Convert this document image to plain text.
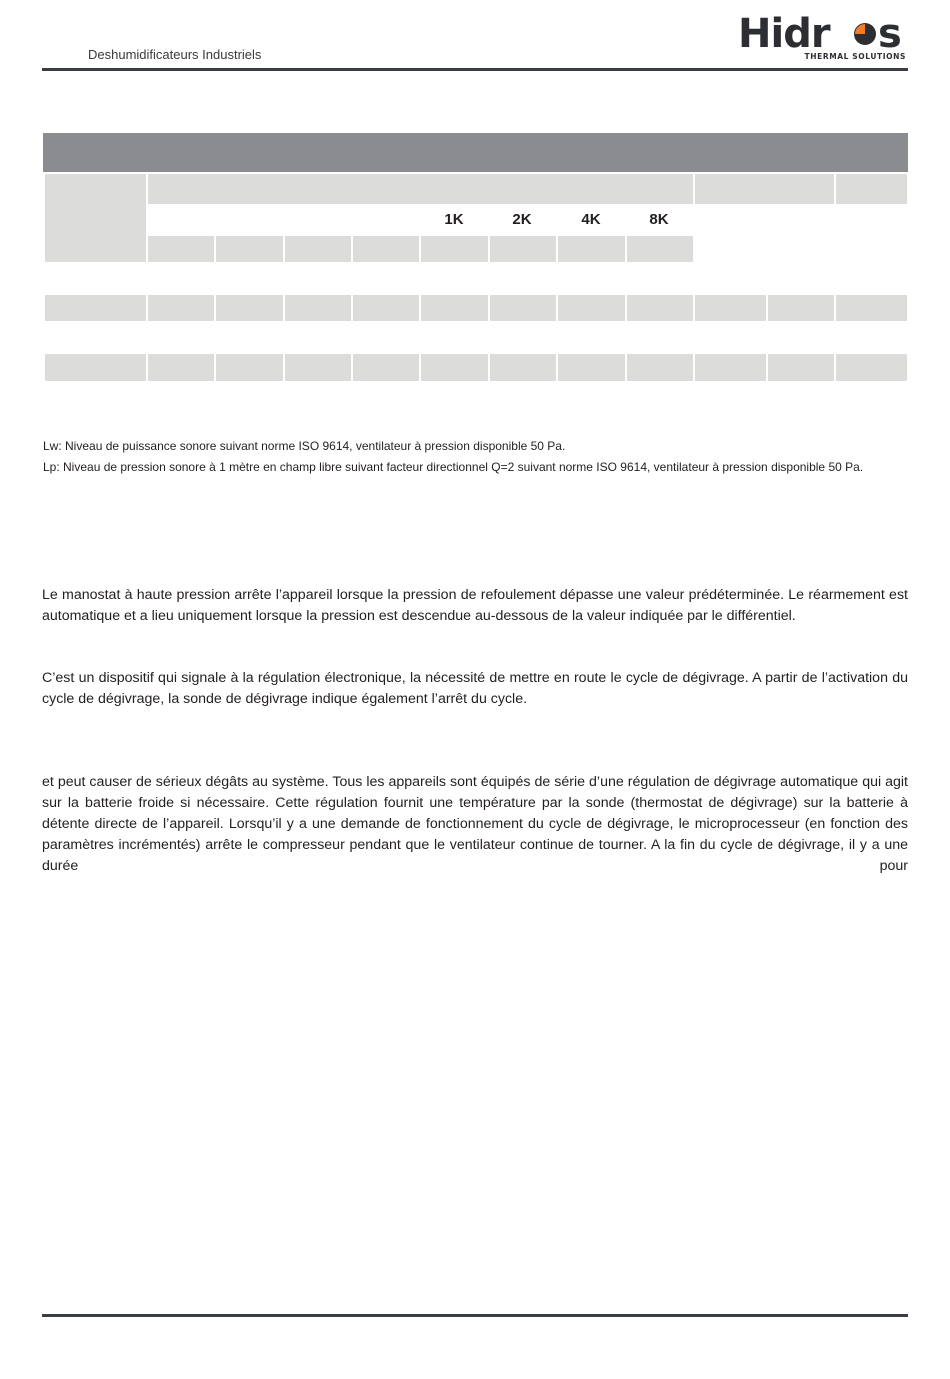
Deshumidificateurs Industriels	Hidr s
THERMAL SOLUTIONS
1K	2K	4K	8K
Lw: Niveau de puissance sonore suivant norme ISO 9614, ventilateur à pression disponible 50 Pa.
Lp: Niveau de pression sonore à 1 mètre en champ libre suivant facteur directionnel Q=2 suivant norme ISO 9614, ventilateur à pression disponible 50 Pa.
Le manostat à haute pression arrête l’appareil lorsque la pression de refoulement dépasse une valeur prédéterminée. Le réarmement est automatique et a lieu uniquement lorsque la pression est descendue au-dessous de la valeur indiquée par le différentiel.
C’est un dispositif qui signale à la régulation électronique, la nécessité de mettre en route le cycle de dégivrage. A partir de l’activation du cycle de dégivrage, la sonde de dégivrage indique également l’arrêt du cycle.
et peut causer de sérieux dégâts au système. Tous les appareils sont équipés de série d’une régulation de dégivrage automatique qui agit sur la batterie froide si nécessaire. Cette régulation fournit une température par la sonde (thermostat de dégivrage) sur la batterie à détente directe de l’appareil. Lorsqu’il y a une demande de fonctionnement du cycle de dégivrage, le microprocesseur (en fonction des paramètres incrémentés) arrête le compresseur pendant que le ventilateur continue de tourner. A la fin du cycle de dégivrage, il y a une durée pour
